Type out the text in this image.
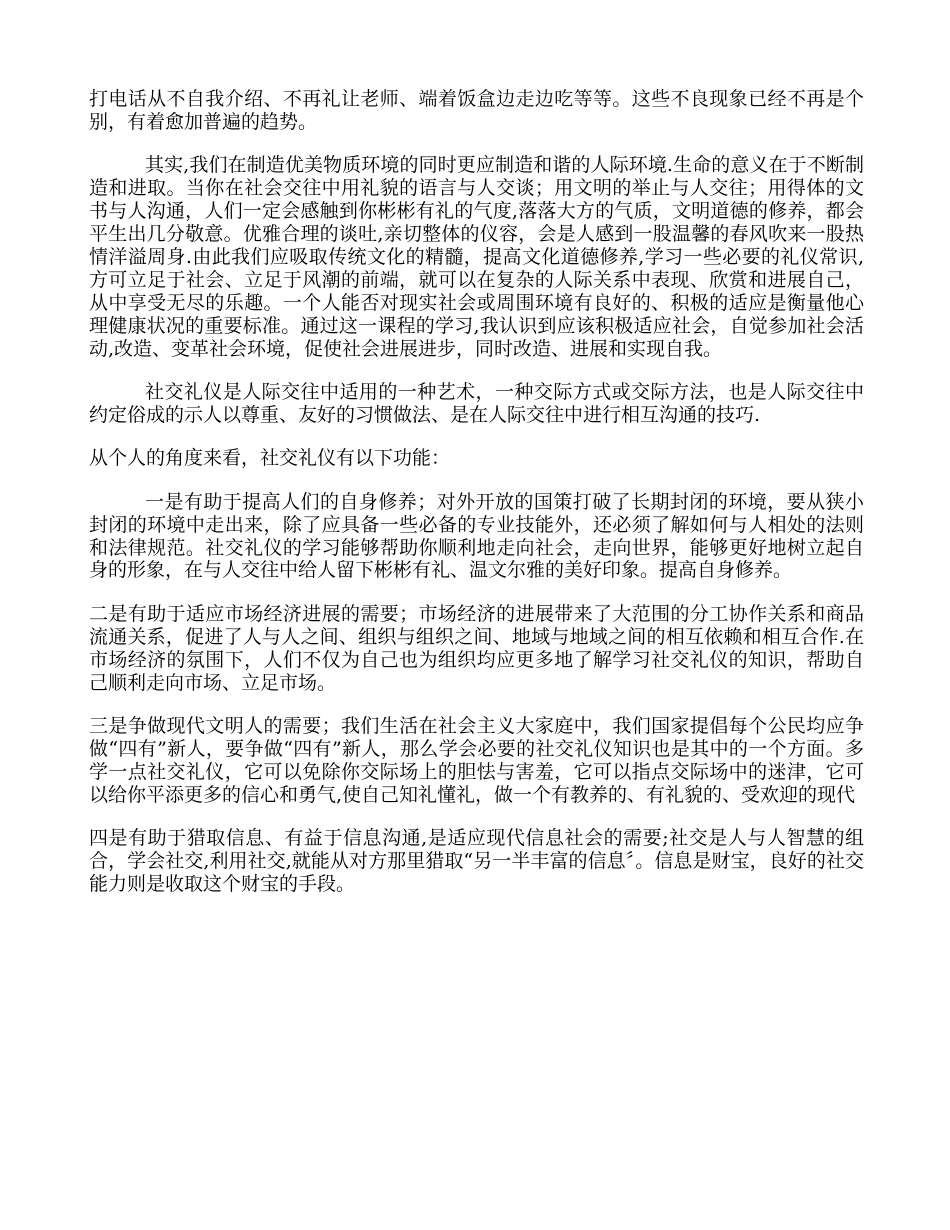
打电话从不自我介绍、不再礼让老师、端着饭盒边走边吃等等。这些不良现象已经不再是个别，有着愈加普遍的趋势。

其实,我们在制造优美物质环境的同时更应制造和谐的人际环境.生命的意义在于不断制造和进取。当你在社会交往中用礼貌的语言与人交谈；用文明的举止与人交往；用得体的文书与人沟通，人们一定会感触到你彬彬有礼的气度,落落大方的气质，文明道德的修养，都会平生出几分敬意。优雅合理的谈吐,亲切整体的仪容，会是人感到一股温馨的春风吹来一股热情洋溢周身.由此我们应吸取传统文化的精髓，提高文化道德修养,学习一些必要的礼仪常识,方可立足于社会、立足于风潮的前端，就可以在复杂的人际关系中表现、欣赏和进展自己，从中享受无尽的乐趣。一个人能否对现实社会或周围环境有良好的、积极的适应是衡量他心理健康状况的重要标准。通过这一课程的学习,我认识到应该积极适应社会，自觉参加社会活动,改造、变革社会环境，促使社会进展进步，同时改造、进展和实现自我。

社交礼仪是人际交往中适用的一种艺术，一种交际方式或交际方法，也是人际交往中约定俗成的示人以尊重、友好的习惯做法、是在人际交往中进行相互沟通的技巧.

从个人的角度来看，社交礼仪有以下功能：

一是有助于提高人们的自身修养；对外开放的国策打破了长期封闭的环境，要从狭小封闭的环境中走出来，除了应具备一些必备的专业技能外，还必须了解如何与人相处的法则和法律规范。社交礼仪的学习能够帮助你顺利地走向社会，走向世界，能够更好地树立起自身的形象，在与人交往中给人留下彬彬有礼、温文尔雅的美好印象。提高自身修养。

二是有助于适应市场经济进展的需要；市场经济的进展带来了大范围的分工协作关系和商品流通关系，促进了人与人之间、组织与组织之间、地域与地域之间的相互依赖和相互合作.在市场经济的氛围下，人们不仅为自己也为组织均应更多地了解学习社交礼仪的知识，帮助自己顺利走向市场、立足市场。

三是争做现代文明人的需要；我们生活在社会主义大家庭中，我们国家提倡每个公民均应争做“四有”新人，要争做“四有”新人，那么学会必要的社交礼仪知识也是其中的一个方面。多学一点社交礼仪，它可以免除你交际场上的胆怯与害羞，它可以指点交际场中的迷津，它可以给你平添更多的信心和勇气,使自己知礼懂礼，做一个有教养的、有礼貌的、受欢迎的现代

四是有助于猎取信息、有益于信息沟通,是适应现代信息社会的需要;社交是人与人智慧的组合，学会社交,利用社交,就能从对方那里猎取“另一半丰富的信息〞。信息是财宝，良好的社交能力则是收取这个财宝的手段。
